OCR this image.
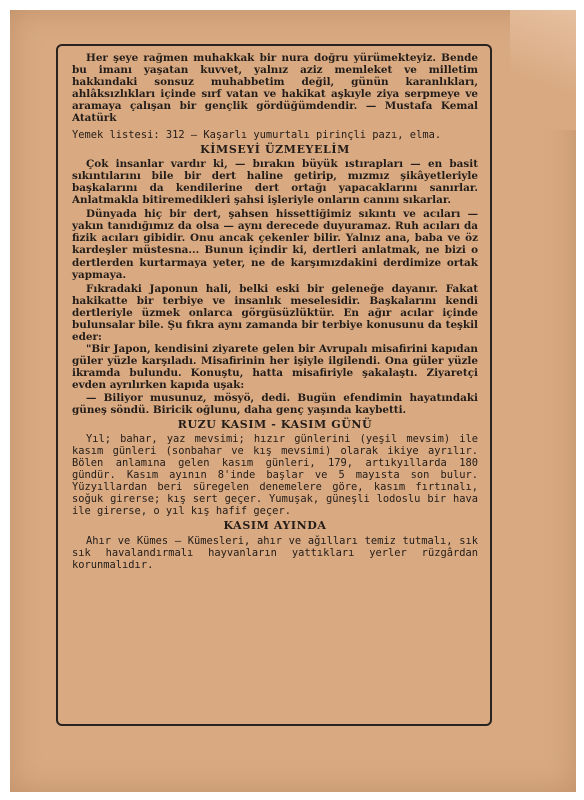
Her şeye rağmen muhakkak bir nura doğru yürümekteyiz. Bende bu imanı yaşatan kuvvet, yalnız aziz memleket ve milletim hakkındaki sonsuz muhabbetim değil, günün karanlıkları, ahlâksızlıkları içinde sırf vatan ve hakikat aşkıyle ziya serpmeye ve aramaya çalışan bir gençlik gördüğümdendir. — Mustafa Kemal Atatürk

Yemek listesi: 312 — Kaşarlı yumurtalı pirinçli pazı, elma.

KİMSEYİ ÜZMEYELİM

Çok insanlar vardır ki, — bırakın büyük ıstırapları — en basit sıkıntılarını bile bir dert haline getirip, mızmız şikâyetleriyle başkalarını da kendilerine dert ortağı yapacaklarını sanırlar. Anlatmakla bitiremedikleri şahsi işleriyle onların canını sıkarlar.

Dünyada hiç bir dert, şahsen hissettiğimiz sıkıntı ve acıları — yakın tanıdığımız da olsa — aynı derecede duyuramaz. Ruh acıları da fizik acıları gibidir. Onu ancak çekenler bilir. Yalnız ana, baba ve öz kardeşler müstesna... Bunun içindir ki, dertleri anlatmak, ne bizi o dertlerden kurtarmaya yeter, ne de karşımızdakini derdimize ortak yapmaya.

Fıkradaki Japonun hali, belki eski bir geleneğe dayanır. Fakat hakikatte bir terbiye ve insanlık meselesidir. Başkalarını kendi dertleriyle üzmek onlarca görgüsüzlüktür. En ağır acılar içinde bulunsalar bile. Şu fıkra aynı zamanda bir terbiye konusunu da teşkil eder:

"Bir Japon, kendisini ziyarete gelen bir Avrupalı misafirini kapıdan güler yüzle karşıladı. Misafirinin her işiyle ilgilendi. Ona güler yüzle ikramda bulundu. Konuştu, hatta misafiriyle şakalaştı. Ziyaretçi evden ayrılırken kapıda uşak:

— Biliyor musunuz, mösyö, dedi. Bugün efendimin hayatındaki güneş söndü. Biricik oğlunu, daha genç yaşında kaybetti.

RUZU KASIM - KASIM GÜNÜ

Yıl; bahar, yaz mevsimi; hızır günlerini (yeşil mevsim) ile kasım günleri (sonbahar ve kış mevsimi) olarak ikiye ayrılır. Bölen anlamına gelen kasım günleri, 179, artıkyıllarda 180 gündür. Kasım ayının 8'inde başlar ve 5 mayısta son bulur. Yüzyıllardan beri süregelen denemelere göre, kasım fırtınalı, soğuk girerse; kış sert geçer. Yumuşak, güneşli lodoslu bir hava ile girerse, o yıl kış hafif geçer.

KASIM AYINDA

Ahır ve Kümes — Kümesleri, ahır ve ağılları temiz tutmalı, sık sık havalandırmalı hayvanların yattıkları yerler rüzgârdan korunmalıdır.
